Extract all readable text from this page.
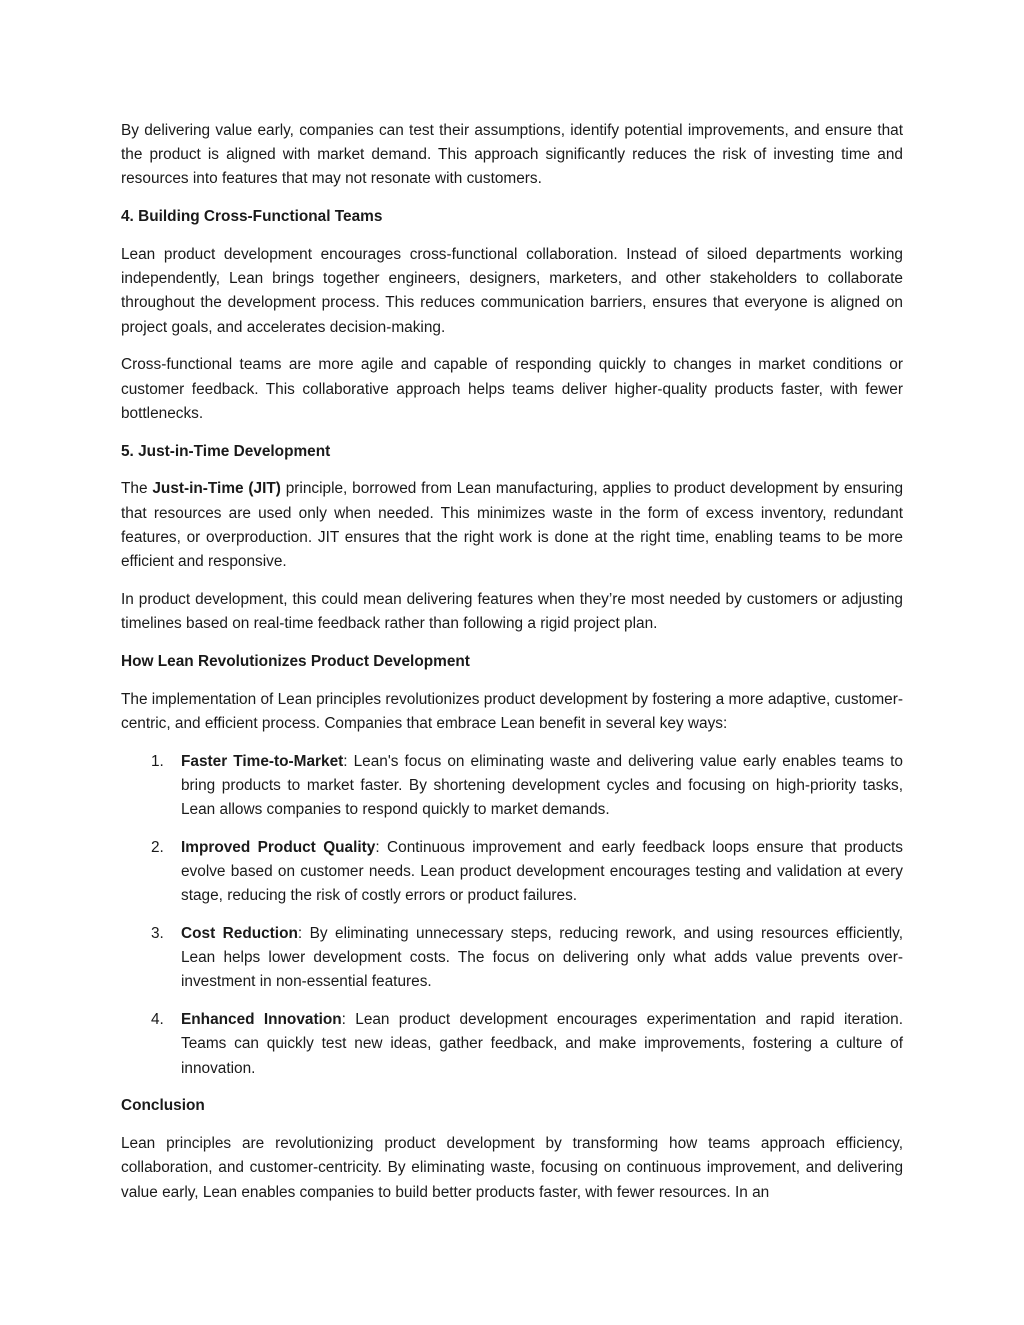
By delivering value early, companies can test their assumptions, identify potential improvements, and ensure that the product is aligned with market demand. This approach significantly reduces the risk of investing time and resources into features that may not resonate with customers.

4. Building Cross-Functional Teams

Lean product development encourages cross-functional collaboration. Instead of siloed departments working independently, Lean brings together engineers, designers, marketers, and other stakeholders to collaborate throughout the development process. This reduces communication barriers, ensures that everyone is aligned on project goals, and accelerates decision-making.

Cross-functional teams are more agile and capable of responding quickly to changes in market conditions or customer feedback. This collaborative approach helps teams deliver higher-quality products faster, with fewer bottlenecks.

5. Just-in-Time Development

The Just-in-Time (JIT) principle, borrowed from Lean manufacturing, applies to product development by ensuring that resources are used only when needed. This minimizes waste in the form of excess inventory, redundant features, or overproduction. JIT ensures that the right work is done at the right time, enabling teams to be more efficient and responsive.

In product development, this could mean delivering features when they’re most needed by customers or adjusting timelines based on real-time feedback rather than following a rigid project plan.

How Lean Revolutionizes Product Development

The implementation of Lean principles revolutionizes product development by fostering a more adaptive, customer-centric, and efficient process. Companies that embrace Lean benefit in several key ways:

1. Faster Time-to-Market: Lean's focus on eliminating waste and delivering value early enables teams to bring products to market faster. By shortening development cycles and focusing on high-priority tasks, Lean allows companies to respond quickly to market demands.
2. Improved Product Quality: Continuous improvement and early feedback loops ensure that products evolve based on customer needs. Lean product development encourages testing and validation at every stage, reducing the risk of costly errors or product failures.
3. Cost Reduction: By eliminating unnecessary steps, reducing rework, and using resources efficiently, Lean helps lower development costs. The focus on delivering only what adds value prevents over-investment in non-essential features.
4. Enhanced Innovation: Lean product development encourages experimentation and rapid iteration. Teams can quickly test new ideas, gather feedback, and make improvements, fostering a culture of innovation.
Conclusion

Lean principles are revolutionizing product development by transforming how teams approach efficiency, collaboration, and customer-centricity. By eliminating waste, focusing on continuous improvement, and delivering value early, Lean enables companies to build better products faster, with fewer resources. In an
